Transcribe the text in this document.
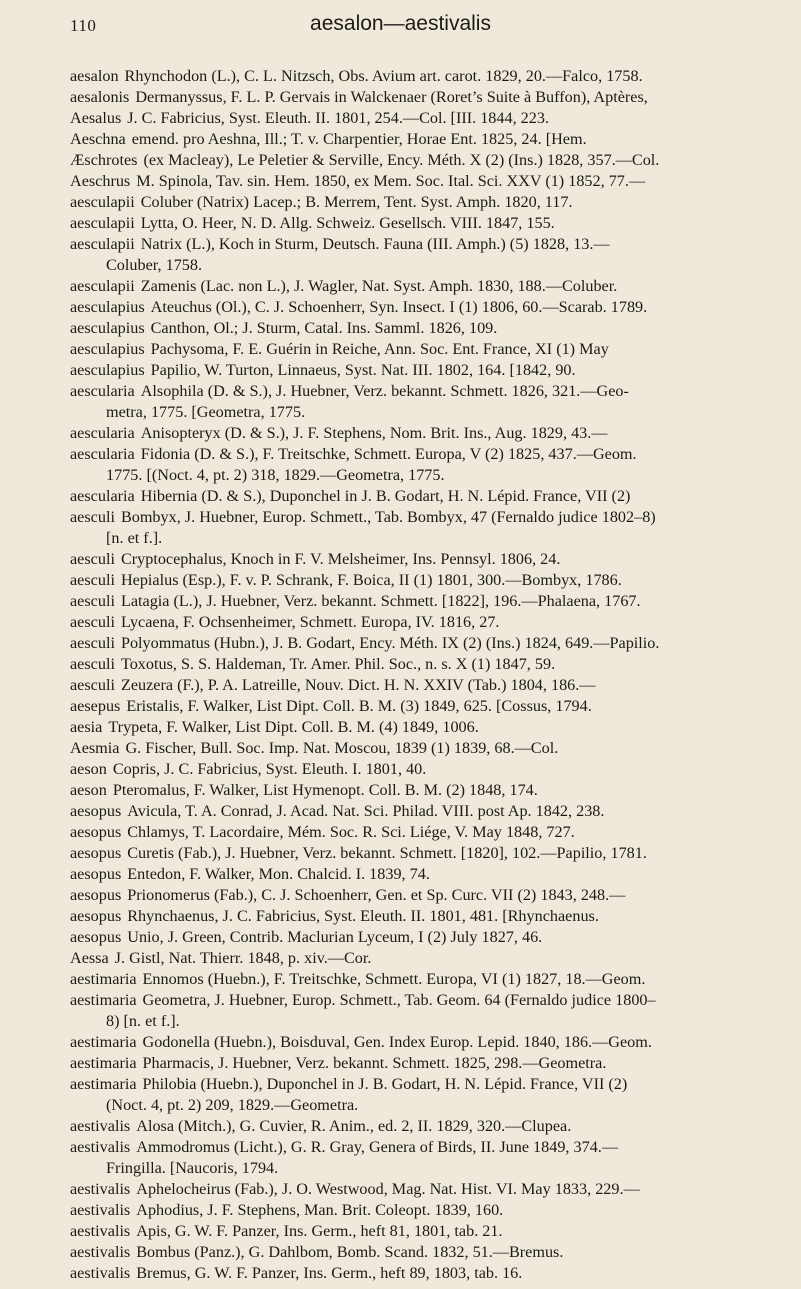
110	aesalon—aestivalis

aesalon Rhynchodon (L.), C. L. Nitzsch, Obs. Avium art. carot. 1829, 20.—Falco, 1758.

aesalonis Dermanyssus, F. L. P. Gervais in Walckenaer (Roret’s Suite à Buffon), Aptères,

Aesalus J. C. Fabricius, Syst. Eleuth. II. 1801, 254.—Col. [III. 1844, 223.

Aeschna emend. pro Aeshna, Ill.; T. v. Charpentier, Horae Ent. 1825, 24. [Hem.

Æschrotes (ex Macleay), Le Peletier & Serville, Ency. Méth. X (2) (Ins.) 1828, 357.—Col.

Aeschrus M. Spinola, Tav. sin. Hem. 1850, ex Mem. Soc. Ital. Sci. XXV (1) 1852, 77.—

aesculapii Coluber (Natrix) Lacep.; B. Merrem, Tent. Syst. Amph. 1820, 117.

aesculapii Lytta, O. Heer, N. D. Allg. Schweiz. Gesellsch. VIII. 1847, 155.

aesculapii Natrix (L.), Koch in Sturm, Deutsch. Fauna (III. Amph.) (5) 1828, 13.—
Coluber, 1758.

aesculapii Zamenis (Lac. non L.), J. Wagler, Nat. Syst. Amph. 1830, 188.—Coluber.

aesculapius Ateuchus (Ol.), C. J. Schoenherr, Syn. Insect. I (1) 1806, 60.—Scarab. 1789.

aesculapius Canthon, Ol.; J. Sturm, Catal. Ins. Samml. 1826, 109.

aesculapius Pachysoma, F. E. Guérin in Reiche, Ann. Soc. Ent. France, XI (1) May

aesculapius Papilio, W. Turton, Linnaeus, Syst. Nat. III. 1802, 164. [1842, 90.

aescularia Alsophila (D. & S.), J. Huebner, Verz. bekannt. Schmett. 1826, 321.—Geo-
metra, 1775. [Geometra, 1775.

aescularia Anisopteryx (D. & S.), J. F. Stephens, Nom. Brit. Ins., Aug. 1829, 43.—

aescularia Fidonia (D. & S.), F. Treitschke, Schmett. Europa, V (2) 1825, 437.—Geom.
1775. [(Noct. 4, pt. 2) 318, 1829.—Geometra, 1775.

aescularia Hibernia (D. & S.), Duponchel in J. B. Godart, H. N. Lépid. France, VII (2)

aesculi Bombyx, J. Huebner, Europ. Schmett., Tab. Bombyx, 47 (Fernaldo judice 1802–8)
[n. et f.].

aesculi Cryptocephalus, Knoch in F. V. Melsheimer, Ins. Pennsyl. 1806, 24.

aesculi Hepialus (Esp.), F. v. P. Schrank, F. Boica, II (1) 1801, 300.—Bombyx, 1786.

aesculi Latagia (L.), J. Huebner, Verz. bekannt. Schmett. [1822], 196.—Phalaena, 1767.

aesculi Lycaena, F. Ochsenheimer, Schmett. Europa, IV. 1816, 27.

aesculi Polyommatus (Hubn.), J. B. Godart, Ency. Méth. IX (2) (Ins.) 1824, 649.—Papilio.

aesculi Toxotus, S. S. Haldeman, Tr. Amer. Phil. Soc., n. s. X (1) 1847, 59.

aesculi Zeuzera (F.), P. A. Latreille, Nouv. Dict. H. N. XXIV (Tab.) 1804, 186.—

aesepus Eristalis, F. Walker, List Dipt. Coll. B. M. (3) 1849, 625. [Cossus, 1794.

aesia Trypeta, F. Walker, List Dipt. Coll. B. M. (4) 1849, 1006.

Aesmia G. Fischer, Bull. Soc. Imp. Nat. Moscou, 1839 (1) 1839, 68.—Col.

aeson Copris, J. C. Fabricius, Syst. Eleuth. I. 1801, 40.

aeson Pteromalus, F. Walker, List Hymenopt. Coll. B. M. (2) 1848, 174.

aesopus Avicula, T. A. Conrad, J. Acad. Nat. Sci. Philad. VIII. post Ap. 1842, 238.

aesopus Chlamys, T. Lacordaire, Mém. Soc. R. Sci. Liége, V. May 1848, 727.

aesopus Curetis (Fab.), J. Huebner, Verz. bekannt. Schmett. [1820], 102.—Papilio, 1781.

aesopus Entedon, F. Walker, Mon. Chalcid. I. 1839, 74.

aesopus Prionomerus (Fab.), C. J. Schoenherr, Gen. et Sp. Curc. VII (2) 1843, 248.—

aesopus Rhynchaenus, J. C. Fabricius, Syst. Eleuth. II. 1801, 481. [Rhynchaenus.

aesopus Unio, J. Green, Contrib. Maclurian Lyceum, I (2) July 1827, 46.

Aessa J. Gistl, Nat. Thierr. 1848, p. xiv.—Cor.

aestimaria Ennomos (Huebn.), F. Treitschke, Schmett. Europa, VI (1) 1827, 18.—Geom.

aestimaria Geometra, J. Huebner, Europ. Schmett., Tab. Geom. 64 (Fernaldo judice 1800–
8) [n. et f.].

aestimaria Godonella (Huebn.), Boisduval, Gen. Index Europ. Lepid. 1840, 186.—Geom.

aestimaria Pharmacis, J. Huebner, Verz. bekannt. Schmett. 1825, 298.—Geometra.

aestimaria Philobia (Huebn.), Duponchel in J. B. Godart, H. N. Lépid. France, VII (2)
(Noct. 4, pt. 2) 209, 1829.—Geometra.

aestivalis Alosa (Mitch.), G. Cuvier, R. Anim., ed. 2, II. 1829, 320.—Clupea.

aestivalis Ammodromus (Licht.), G. R. Gray, Genera of Birds, II. June 1849, 374.—
Fringilla. [Naucoris, 1794.

aestivalis Aphelocheirus (Fab.), J. O. Westwood, Mag. Nat. Hist. VI. May 1833, 229.—

aestivalis Aphodius, J. F. Stephens, Man. Brit. Coleopt. 1839, 160.

aestivalis Apis, G. W. F. Panzer, Ins. Germ., heft 81, 1801, tab. 21.

aestivalis Bombus (Panz.), G. Dahlbom, Bomb. Scand. 1832, 51.—Bremus.

aestivalis Bremus, G. W. F. Panzer, Ins. Germ., heft 89, 1803, tab. 16.
